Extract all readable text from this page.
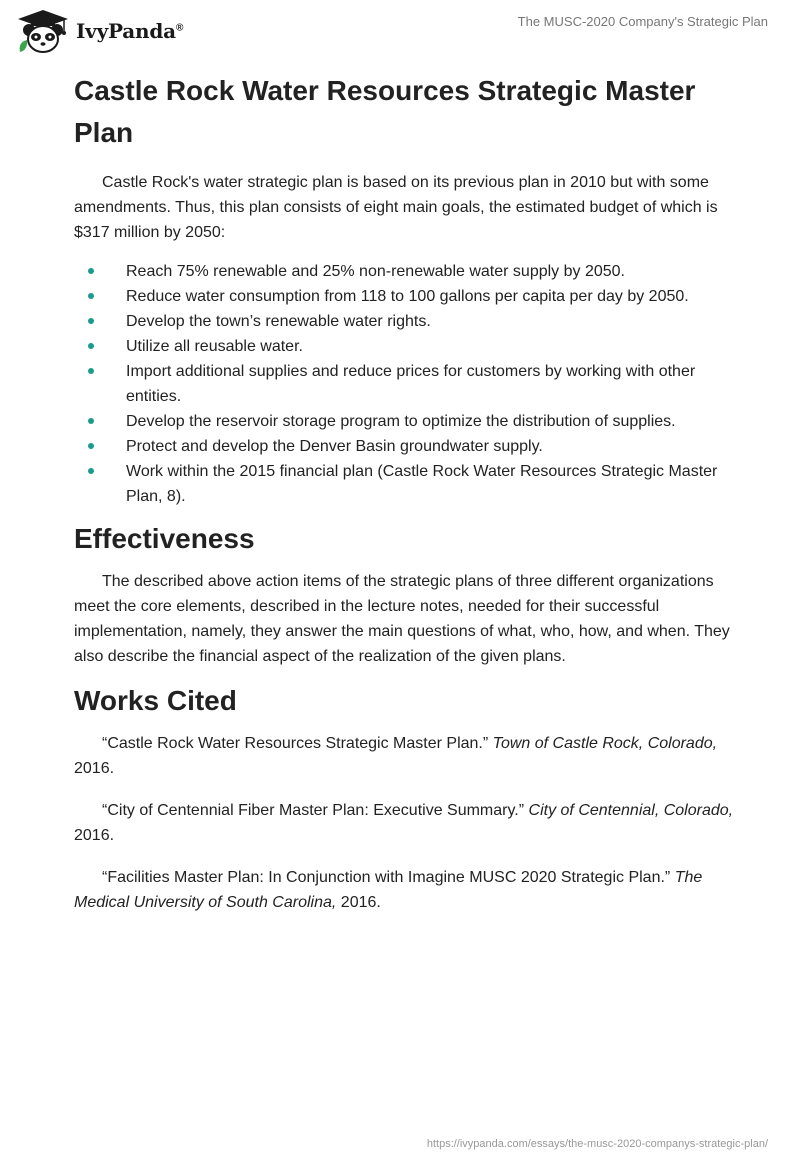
IvyPanda®	The MUSC-2020 Company's Strategic Plan
Castle Rock Water Resources Strategic Master Plan

Castle Rock's water strategic plan is based on its previous plan in 2010 but with some amendments. Thus, this plan consists of eight main goals, the estimated budget of which is $317 million by 2050:

Reach 75% renewable and 25% non-renewable water supply by 2050.
Reduce water consumption from 118 to 100 gallons per capita per day by 2050.
Develop the town’s renewable water rights.
Utilize all reusable water.
Import additional supplies and reduce prices for customers by working with other entities.
Develop the reservoir storage program to optimize the distribution of supplies.
Protect and develop the Denver Basin groundwater supply.
Work within the 2015 financial plan (Castle Rock Water Resources Strategic Master Plan, 8).
Effectiveness

The described above action items of the strategic plans of three different organizations meet the core elements, described in the lecture notes, needed for their successful implementation, namely, they answer the main questions of what, who, how, and when. They also describe the financial aspect of the realization of the given plans.

Works Cited

“Castle Rock Water Resources Strategic Master Plan.” Town of Castle Rock, Colorado, 2016.

“City of Centennial Fiber Master Plan: Executive Summary.” City of Centennial, Colorado, 2016.

“Facilities Master Plan: In Conjunction with Imagine MUSC 2020 Strategic Plan.” The Medical University of South Carolina, 2016.

https://ivypanda.com/essays/the-musc-2020-companys-strategic-plan/
